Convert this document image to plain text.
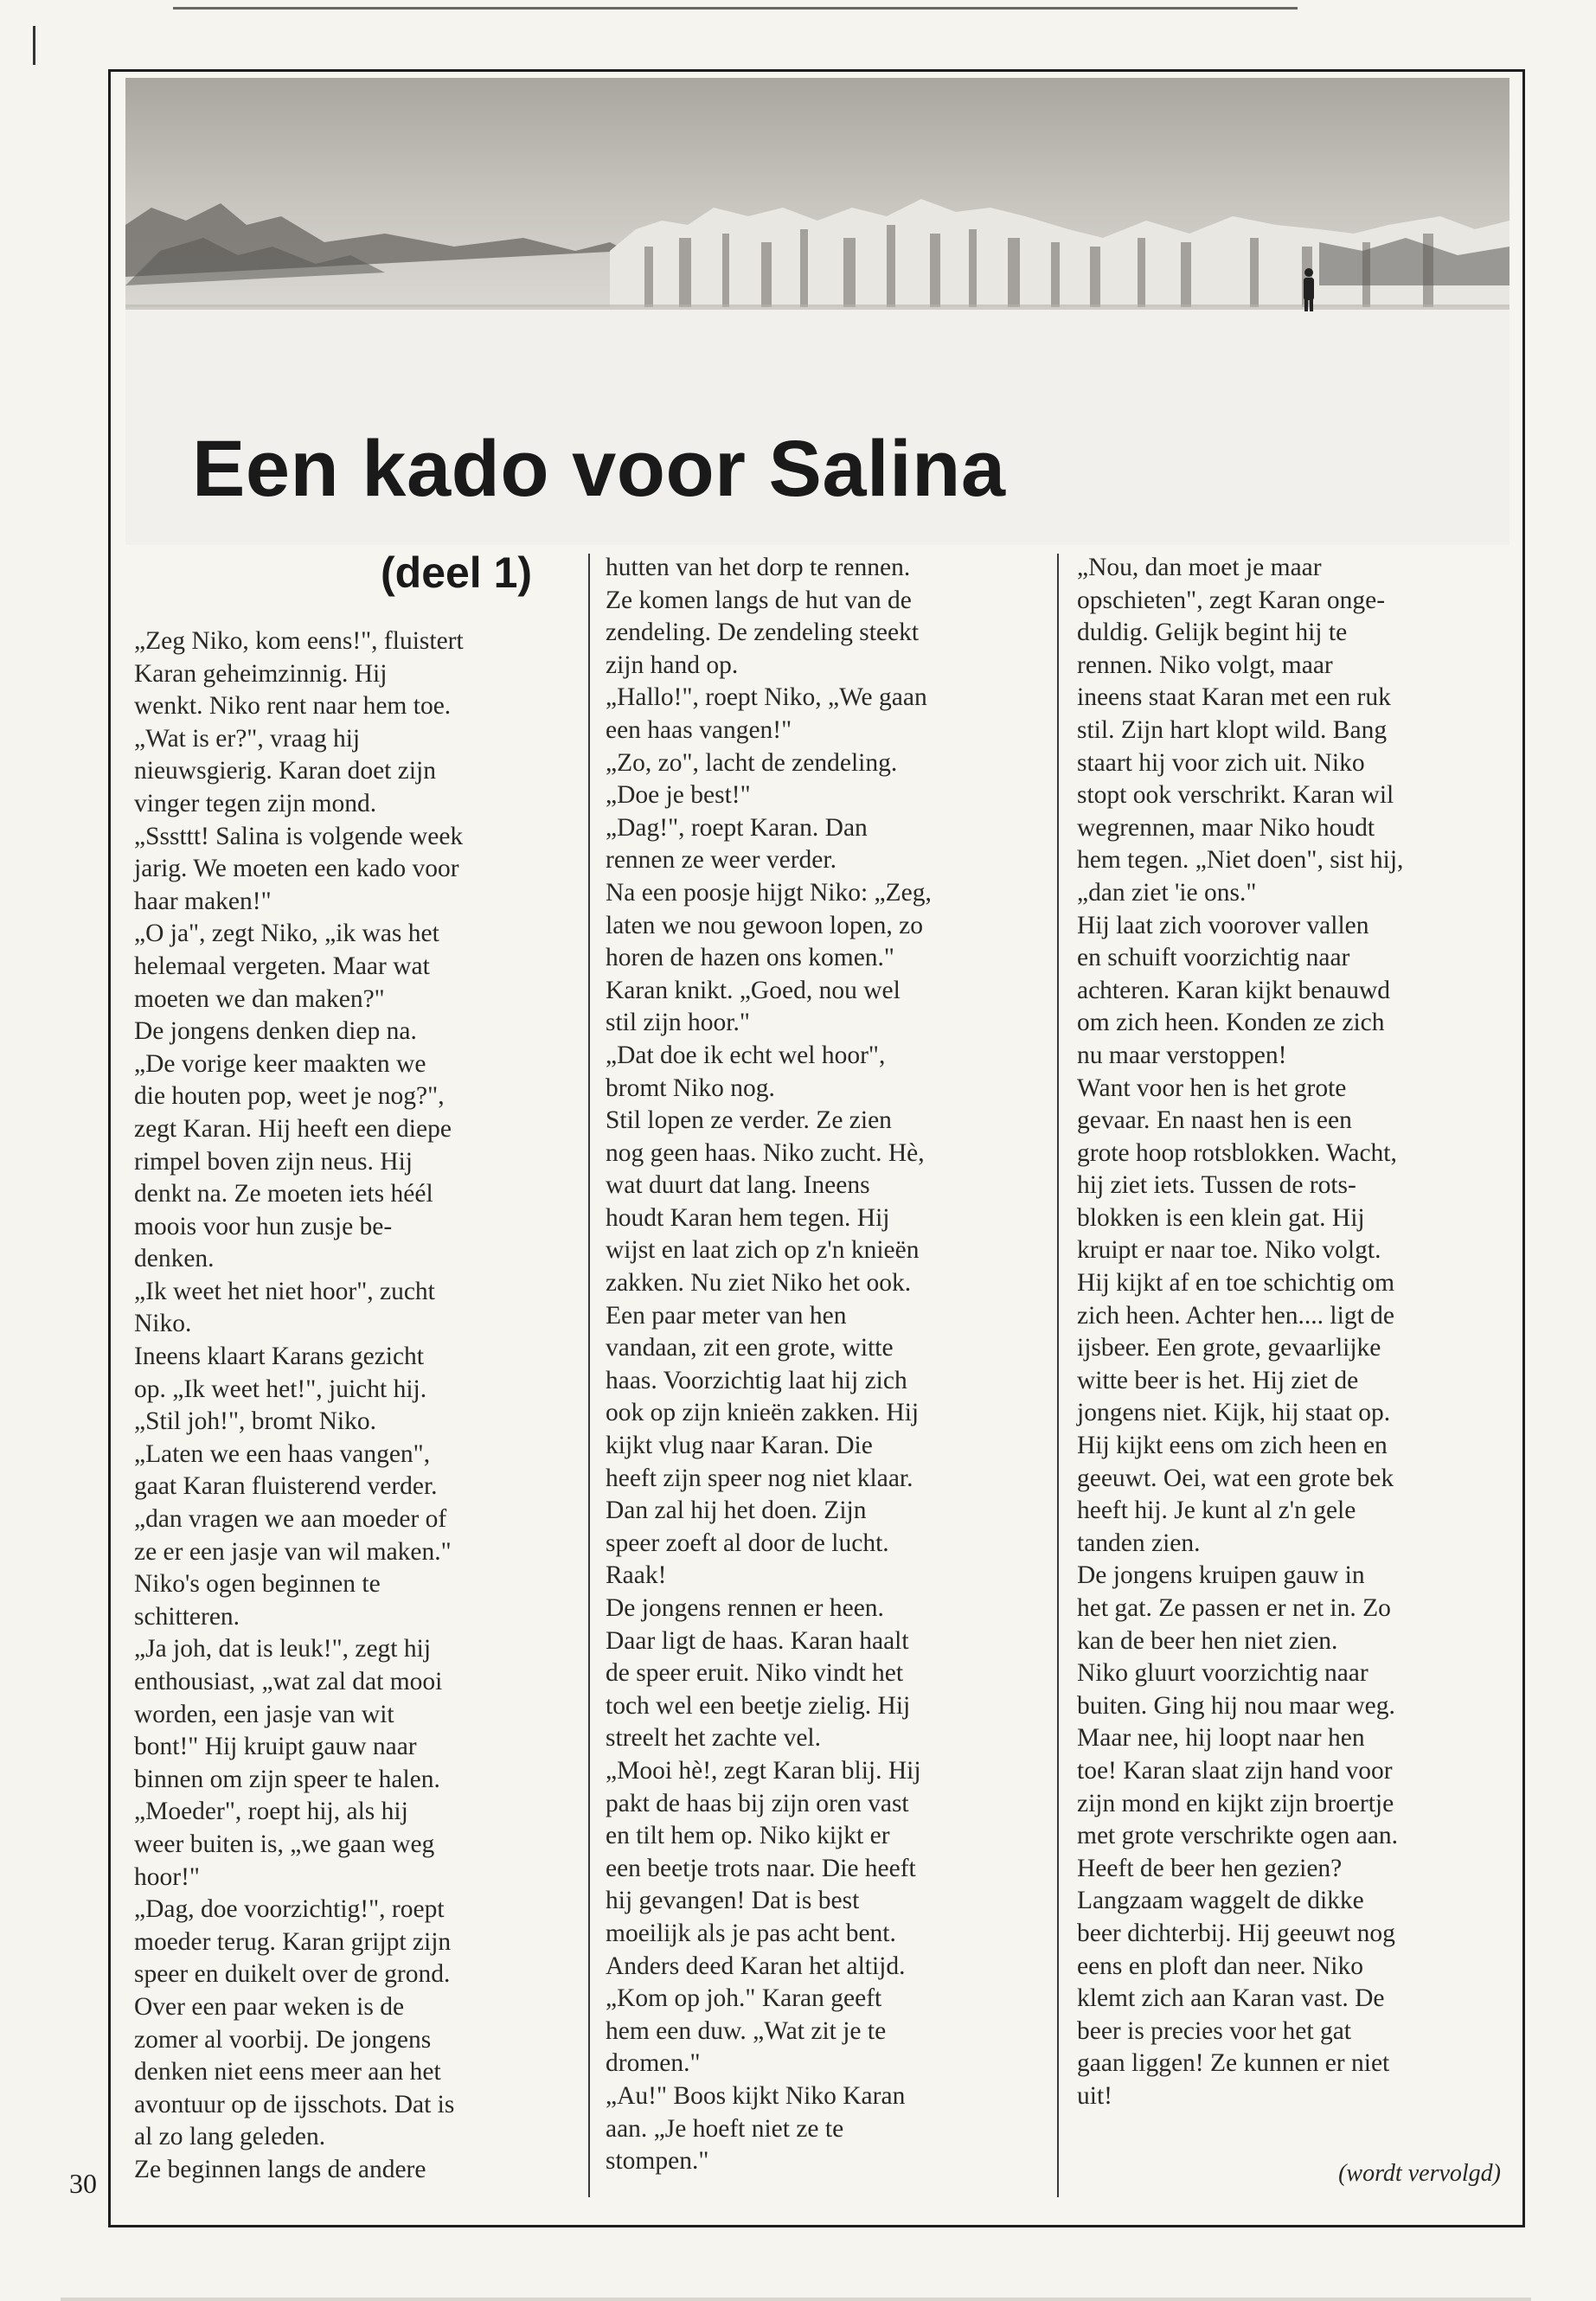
Een kado voor Salina
(deel 1)
„Zeg Niko, kom eens!", fluistert
Karan geheimzinnig. Hij
wenkt. Niko rent naar hem toe.
„Wat is er?", vraag hij
nieuwsgierig. Karan doet zijn
vinger tegen zijn mond.
„Sssttt! Salina is volgende week
jarig. We moeten een kado voor
haar maken!"
„O ja", zegt Niko, „ik was het
helemaal vergeten. Maar wat
moeten we dan maken?"
De jongens denken diep na.
„De vorige keer maakten we
die houten pop, weet je nog?",
zegt Karan. Hij heeft een diepe
rimpel boven zijn neus. Hij
denkt na. Ze moeten iets héél
moois voor hun zusje be-
denken.
„Ik weet het niet hoor", zucht
Niko.
Ineens klaart Karans gezicht
op. „Ik weet het!", juicht hij.
„Stil joh!", bromt Niko.
„Laten we een haas vangen",
gaat Karan fluisterend verder.
„dan vragen we aan moeder of
ze er een jasje van wil maken."
Niko's ogen beginnen te
schitteren.
„Ja joh, dat is leuk!", zegt hij
enthousiast, „wat zal dat mooi
worden, een jasje van wit
bont!" Hij kruipt gauw naar
binnen om zijn speer te halen.
„Moeder", roept hij, als hij
weer buiten is, „we gaan weg
hoor!"
„Dag, doe voorzichtig!", roept
moeder terug. Karan grijpt zijn
speer en duikelt over de grond.
Over een paar weken is de
zomer al voorbij. De jongens
denken niet eens meer aan het
avontuur op de ijsschots. Dat is
al zo lang geleden.
Ze beginnen langs de andere
hutten van het dorp te rennen.
Ze komen langs de hut van de
zendeling. De zendeling steekt
zijn hand op.
„Hallo!", roept Niko, „We gaan
een haas vangen!"
„Zo, zo", lacht de zendeling.
„Doe je best!"
„Dag!", roept Karan. Dan
rennen ze weer verder.
Na een poosje hijgt Niko: „Zeg,
laten we nou gewoon lopen, zo
horen de hazen ons komen."
Karan knikt. „Goed, nou wel
stil zijn hoor."
„Dat doe ik echt wel hoor",
bromt Niko nog.
Stil lopen ze verder. Ze zien
nog geen haas. Niko zucht. Hè,
wat duurt dat lang. Ineens
houdt Karan hem tegen. Hij
wijst en laat zich op z'n knieën
zakken. Nu ziet Niko het ook.
Een paar meter van hen
vandaan, zit een grote, witte
haas. Voorzichtig laat hij zich
ook op zijn knieën zakken. Hij
kijkt vlug naar Karan. Die
heeft zijn speer nog niet klaar.
Dan zal hij het doen. Zijn
speer zoeft al door de lucht.
Raak!
De jongens rennen er heen.
Daar ligt de haas. Karan haalt
de speer eruit. Niko vindt het
toch wel een beetje zielig. Hij
streelt het zachte vel.
„Mooi hè!, zegt Karan blij. Hij
pakt de haas bij zijn oren vast
en tilt hem op. Niko kijkt er
een beetje trots naar. Die heeft
hij gevangen! Dat is best
moeilijk als je pas acht bent.
Anders deed Karan het altijd.
„Kom op joh." Karan geeft
hem een duw. „Wat zit je te
dromen."
„Au!" Boos kijkt Niko Karan
aan. „Je hoeft niet ze te
stompen."
„Nou, dan moet je maar
opschieten", zegt Karan onge-
duldig. Gelijk begint hij te
rennen. Niko volgt, maar
ineens staat Karan met een ruk
stil. Zijn hart klopt wild. Bang
staart hij voor zich uit. Niko
stopt ook verschrikt. Karan wil
wegrennen, maar Niko houdt
hem tegen. „Niet doen", sist hij,
„dan ziet 'ie ons."
Hij laat zich voorover vallen
en schuift voorzichtig naar
achteren. Karan kijkt benauwd
om zich heen. Konden ze zich
nu maar verstoppen!
Want voor hen is het grote
gevaar. En naast hen is een
grote hoop rotsblokken. Wacht,
hij ziet iets. Tussen de rots-
blokken is een klein gat. Hij
kruipt er naar toe. Niko volgt.
Hij kijkt af en toe schichtig om
zich heen. Achter hen.... ligt de
ijsbeer. Een grote, gevaarlijke
witte beer is het. Hij ziet de
jongens niet. Kijk, hij staat op.
Hij kijkt eens om zich heen en
geeuwt. Oei, wat een grote bek
heeft hij. Je kunt al z'n gele
tanden zien.
De jongens kruipen gauw in
het gat. Ze passen er net in. Zo
kan de beer hen niet zien.
Niko gluurt voorzichtig naar
buiten. Ging hij nou maar weg.
Maar nee, hij loopt naar hen
toe! Karan slaat zijn hand voor
zijn mond en kijkt zijn broertje
met grote verschrikte ogen aan.
Heeft de beer hen gezien?
Langzaam waggelt de dikke
beer dichterbij. Hij geeuwt nog
eens en ploft dan neer. Niko
klemt zich aan Karan vast. De
beer is precies voor het gat
gaan liggen! Ze kunnen er niet
uit!
30	(wordt vervolgd)
